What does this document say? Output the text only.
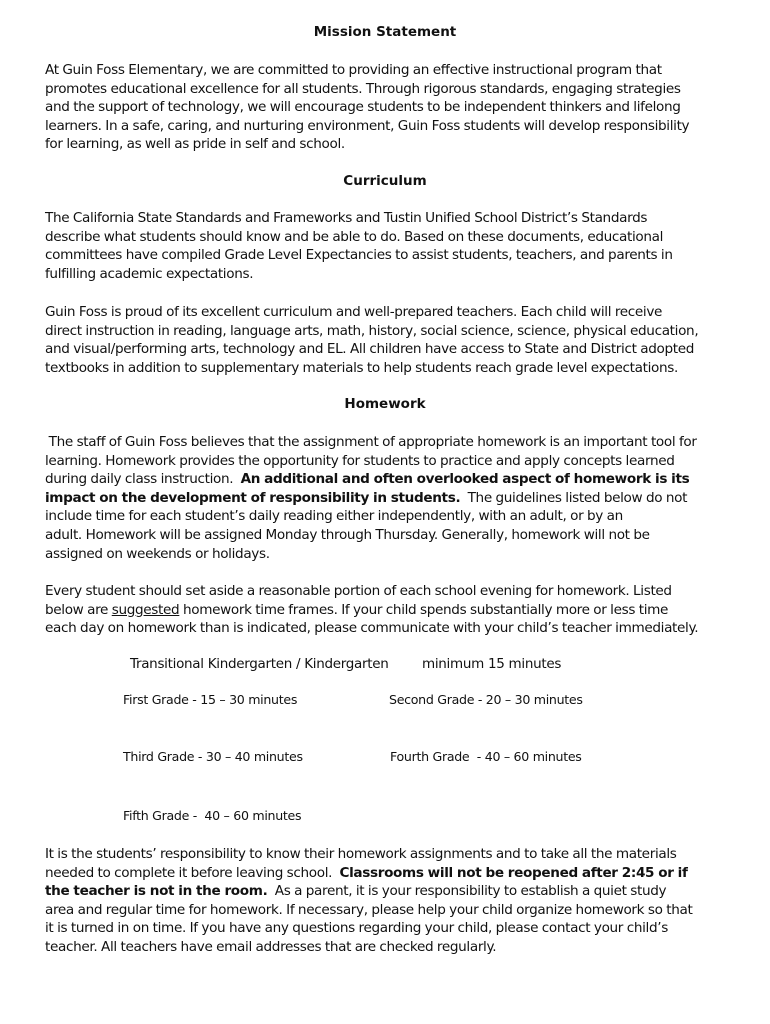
Mission Statement
At Guin Foss Elementary, we are committed to providing an effective instructional program that
promotes educational excellence for all students. Through rigorous standards, engaging strategies
and the support of technology, we will encourage students to be independent thinkers and lifelong
learners. In a safe, caring, and nurturing environment, Guin Foss students will develop responsibility
for learning, as well as pride in self and school.
Curriculum
The California State Standards and Frameworks and Tustin Unified School District’s Standards
describe what students should know and be able to do. Based on these documents, educational
committees have compiled Grade Level Expectancies to assist students, teachers, and parents in
fulfilling academic expectations.
Guin Foss is proud of its excellent curriculum and well-prepared teachers. Each child will receive
direct instruction in reading, language arts, math, history, social science, science, physical education,
and visual/performing arts, technology and EL. All children have access to State and District adopted
textbooks in addition to supplementary materials to help students reach grade level expectations.
Homework
The staff of Guin Foss believes that the assignment of appropriate homework is an important tool for
learning. Homework provides the opportunity for students to practice and apply concepts learned
during daily class instruction.  An additional and often overlooked aspect of homework is its
impact on the development of responsibility in students.  The guidelines listed below do not
include time for each student’s daily reading either independently, with an adult, or by an
adult. Homework will be assigned Monday through Thursday. Generally, homework will not be
assigned on weekends or holidays.
Every student should set aside a reasonable portion of each school evening for homework. Listed
below are suggested homework time frames. If your child spends substantially more or less time
each day on homework than is indicated, please communicate with your child’s teacher immediately.
Transitional Kindergarten / Kindergarten minimum 15 minutes
First Grade - 15 – 30 minutes	Second Grade - 20 – 30 minutes
Third Grade - 30 – 40 minutes	Fourth Grade  - 40 – 60 minutes
Fifth Grade -  40 – 60 minutes
It is the students’ responsibility to know their homework assignments and to take all the materials
needed to complete it before leaving school.  Classrooms will not be reopened after 2:45 or if
the teacher is not in the room.  As a parent, it is your responsibility to establish a quiet study
area and regular time for homework. If necessary, please help your child organize homework so that
it is turned in on time. If you have any questions regarding your child, please contact your child’s
teacher. All teachers have email addresses that are checked regularly.
